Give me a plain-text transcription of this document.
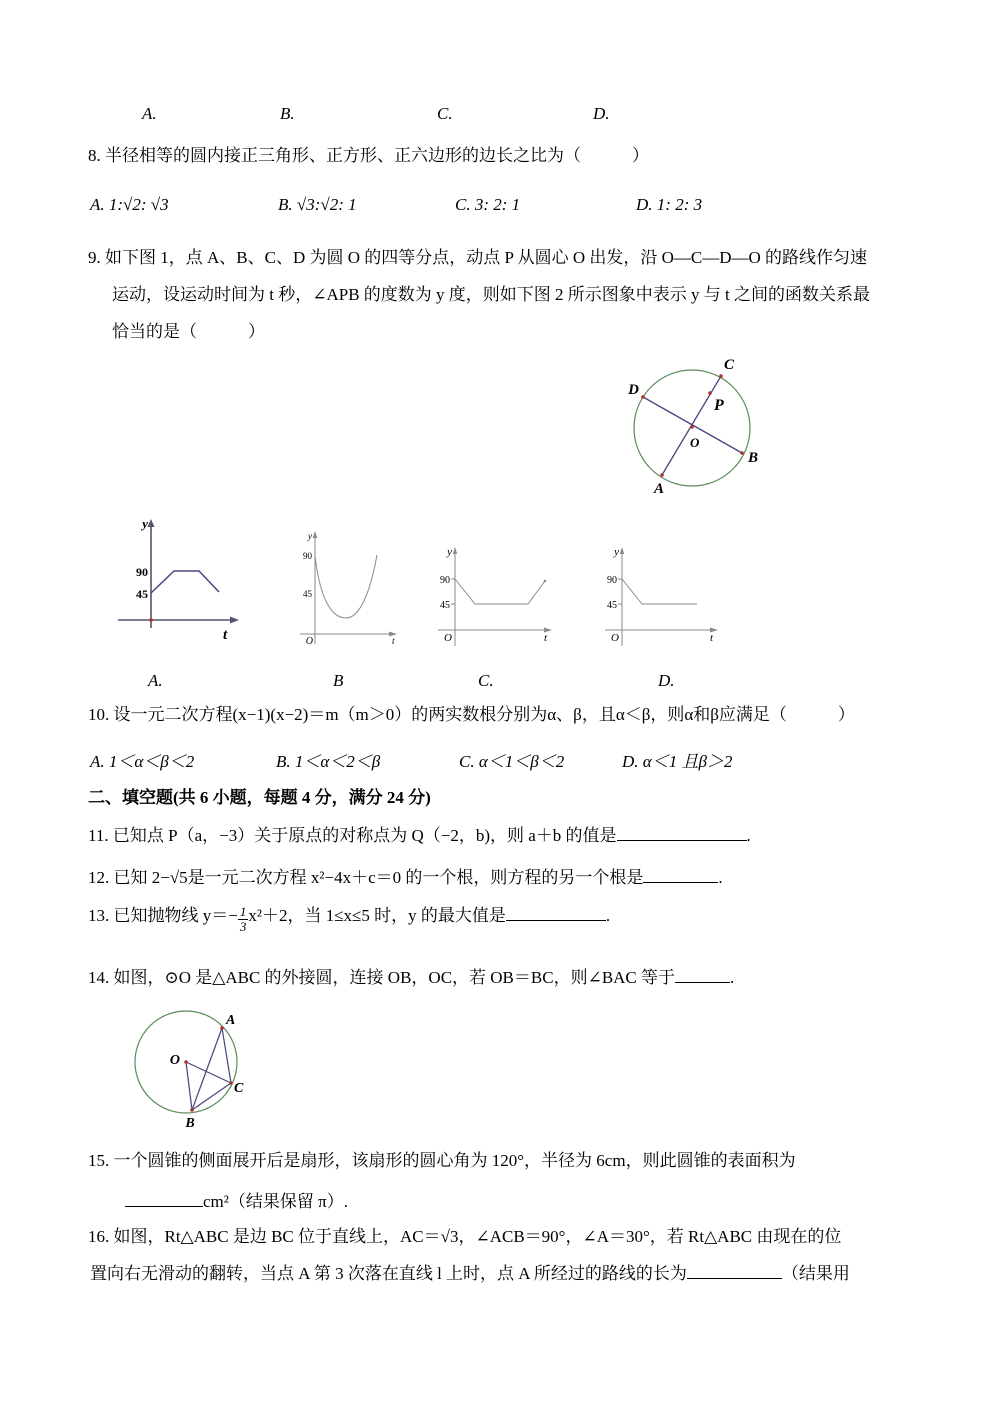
A.	B.	C.	D.
8. 半径相等的圆内接正三角形、正方形、正六边形的边长之比为（　　　）
A. 1:√2: √3	B. √3:√2: 1	C. 3: 2: 1	D. 1: 2: 3
9. 如下图 1，点 A、B、C、D 为圆 O 的四等分点，动点 P 从圆心 O 出发，沿 O—C—D—O 的路线作匀速
运动，设运动时间为 t 秒，∠APB 的度数为 y 度，则如下图 2 所示图象中表示 y 与 t 之间的函数关系最
恰当的是（　　　）
A
B
C
D
O
P
y
t
90
45
y
90
45
O	t
y
90
45
O	t
y
90
45
O	t
A.	B	C.	D.
10. 设一元二次方程(x−1)(x−2)＝m（m＞0）的两实数根分别为α、β，且α＜β，则α和β应满足（　　　）
A. 1＜α＜β＜2	B. 1＜α＜2＜β	C. α＜1＜β＜2	D. α＜1 且β＞2
二、填空题(共 6 小题，每题 4 分，满分 24 分)
11. 已知点 P（a，−3）关于原点的对称点为 Q（−2，b)，则 a＋b 的值是	.
12. 已知 2−√5是一元二次方程 x²−4x＋c＝0 的一个根，则方程的另一个根是	.
13. 已知抛物线 $y=- \frac{1}{3} x^2+2$，当 1≤x≤5 时，y 的最大值是	.
14. 如图，⊙O 是△ABC 的外接圆，连接 OB，OC，若 OB＝BC，则∠BAC 等于	.
A
O
C
B
15. 一个圆锥的侧面展开后是扇形，该扇形的圆心角为 120°，半径为 6cm，则此圆锥的表面积为
cm²（结果保留 π）.
16. 如图，Rt△ABC 是边 BC 位于直线上，AC＝√3，∠ACB＝90°，∠A＝30°，若 Rt△ABC 由现在的位
置向右无滑动的翻转，当点 A 第 3 次落在直线 l 上时，点 A 所经过的路线的长为	（结果用
